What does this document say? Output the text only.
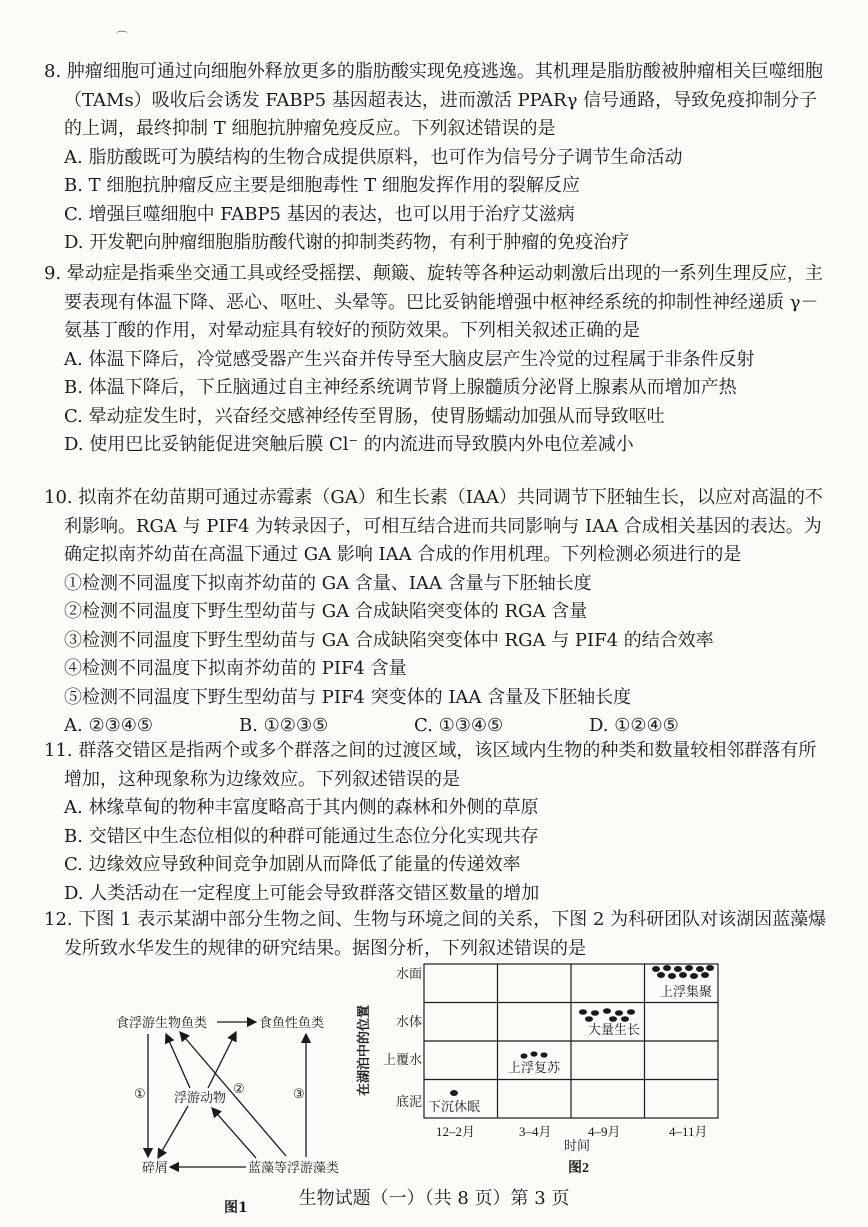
⌒

8. 肿瘤细胞可通过向细胞外释放更多的脂肪酸实现免疫逃逸。其机理是脂肪酸被肿瘤相关巨噬细胞（TAMs）吸收后会诱发 FABP5 基因超表达，进而激活 PPARγ 信号通路，导致免疫抑制分子的上调，最终抑制 T 细胞抗肿瘤免疫反应。下列叙述错误的是

A. 脂肪酸既可为膜结构的生物合成提供原料，也可作为信号分子调节生命活动

B. T 细胞抗肿瘤反应主要是细胞毒性 T 细胞发挥作用的裂解反应

C. 增强巨噬细胞中 FABP5 基因的表达，也可以用于治疗艾滋病

D. 开发靶向肿瘤细胞脂肪酸代谢的抑制类药物，有利于肿瘤的免疫治疗

9. 晕动症是指乘坐交通工具或经受摇摆、颠簸、旋转等各种运动刺激后出现的一系列生理反应，主要表现有体温下降、恶心、呕吐、头晕等。巴比妥钠能增强中枢神经系统的抑制性神经递质 γ－氨基丁酸的作用，对晕动症具有较好的预防效果。下列相关叙述正确的是

A. 体温下降后，冷觉感受器产生兴奋并传导至大脑皮层产生冷觉的过程属于非条件反射

B. 体温下降后，下丘脑通过自主神经系统调节肾上腺髓质分泌肾上腺素从而增加产热

C. 晕动症发生时，兴奋经交感神经传至胃肠，使胃肠蠕动加强从而导致呕吐

D. 使用巴比妥钠能促进突触后膜 Cl⁻ 的内流进而导致膜内外电位差减小

10. 拟南芥在幼苗期可通过赤霉素（GA）和生长素（IAA）共同调节下胚轴生长，以应对高温的不利影响。RGA 与 PIF4 为转录因子，可相互结合进而共同影响与 IAA 合成相关基因的表达。为确定拟南芥幼苗在高温下通过 GA 影响 IAA 合成的作用机理。下列检测必须进行的是

①检测不同温度下拟南芥幼苗的 GA 含量、IAA 含量与下胚轴长度

②检测不同温度下野生型幼苗与 GA 合成缺陷突变体的 RGA 含量

③检测不同温度下野生型幼苗与 GA 合成缺陷突变体中 RGA 与 PIF4 的结合效率

④检测不同温度下拟南芥幼苗的 PIF4 含量

⑤检测不同温度下野生型幼苗与 PIF4 突变体的 IAA 含量及下胚轴长度

A. ②③④⑤	B. ①②③⑤	C. ①③④⑤	D. ①②④⑤

11. 群落交错区是指两个或多个群落之间的过渡区域，该区域内生物的种类和数量较相邻群落有所增加，这种现象称为边缘效应。下列叙述错误的是

A. 林缘草甸的物种丰富度略高于其内侧的森林和外侧的草原

B. 交错区中生态位相似的种群可能通过生态位分化实现共存

C. 边缘效应导致种间竞争加剧从而降低了能量的传递效率

D. 人类活动在一定程度上可能会导致群落交错区数量的增加

12. 下图 1 表示某湖中部分生物之间、生物与环境之间的关系，下图 2 为科研团队对该湖因蓝藻爆发所致水华发生的规律的研究结果。据图分析，下列叙述错误的是

食浮游生物鱼类	食鱼性鱼类
浮游动物
碎屑	蓝藻等浮游藻类
①	②	③
图1
水面
水体
上覆水
底泥
在湖泊中的位置
12–2月	3–4月	4–9月	4–11月
时间
下沉休眠
上浮复苏
大量生长
上浮集聚
图2
生物试题（一）（共 8 页）第 3 页
